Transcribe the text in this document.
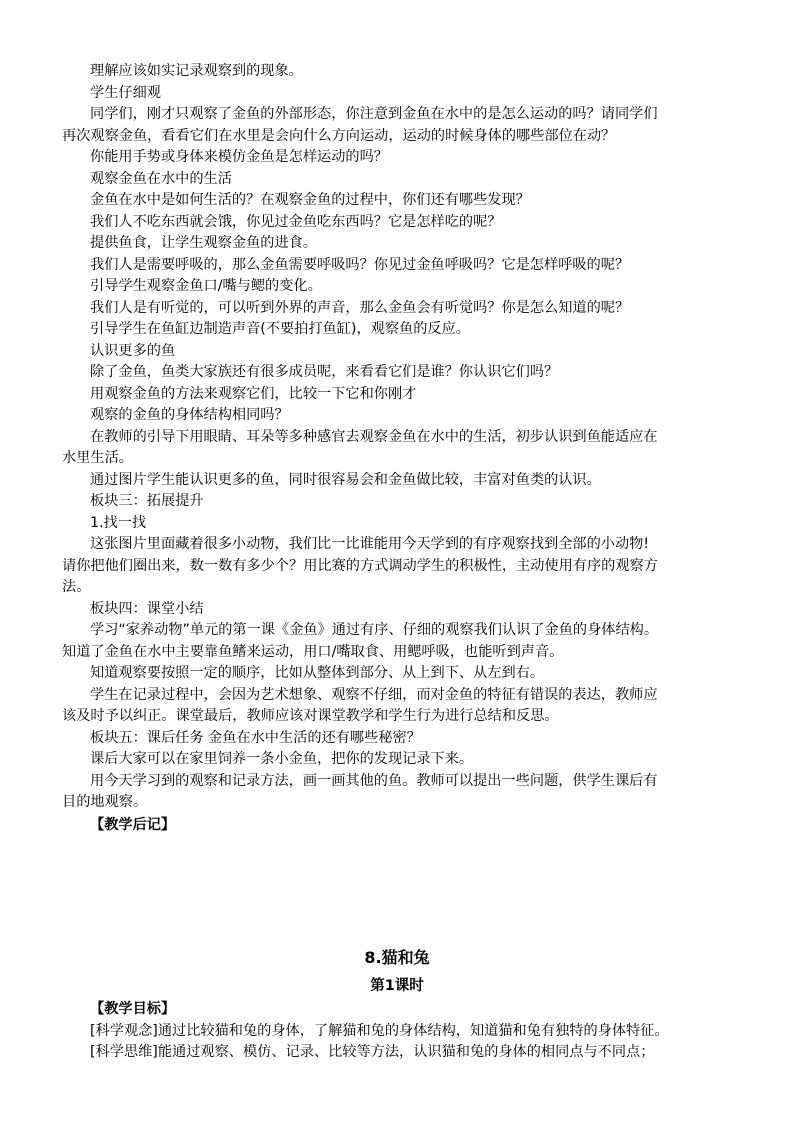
理解应该如实记录观察到的现象。
学生仔细观
同学们，刚才只观察了金鱼的外部形态，你注意到金鱼在水中的是怎么运动的吗？请同学们
再次观察金鱼，看看它们在水里是会向什么方向运动，运动的时候身体的哪些部位在动？
你能用手势或身体来模仿金鱼是怎样运动的吗？
观察金鱼在水中的生活
金鱼在水中是如何生活的？在观察金鱼的过程中，你们还有哪些发现？
我们人不吃东西就会饿，你见过金鱼吃东西吗？它是怎样吃的呢？
提供鱼食，让学生观察金鱼的进食。
我们人是需要呼吸的，那么金鱼需要呼吸吗？你见过金鱼呼吸吗？它是怎样呼吸的呢？
引导学生观察金鱼口/嘴与鳃的变化。
我们人是有听觉的，可以听到外界的声音，那么金鱼会有听觉吗？你是怎么知道的呢？
引导学生在鱼缸边制造声音(不要拍打鱼缸)，观察鱼的反应。
认识更多的鱼
除了金鱼，鱼类大家族还有很多成员呢，来看看它们是谁？你认识它们吗？
用观察金鱼的方法来观察它们，比较一下它和你刚才
观察的金鱼的身体结构相同吗？
在教师的引导下用眼睛、耳朵等多种感官去观察金鱼在水中的生活，初步认识到鱼能适应在
水里生活。
通过图片学生能认识更多的鱼，同时很容易会和金鱼做比较，丰富对鱼类的认识。
板块三：拓展提升
1.找一找
这张图片里面藏着很多小动物，我们比一比谁能用今天学到的有序观察找到全部的小动物!
请你把他们圈出来，数一数有多少个？用比赛的方式调动学生的积极性，主动使用有序的观察方
法。
板块四：课堂小结
学习“家养动物”单元的第一课《金鱼》通过有序、仔细的观察我们认识了金鱼的身体结构。
知道了金鱼在水中主要靠鱼鳍来运动，用口/嘴取食、用鳃呼吸，也能听到声音。
知道观察要按照一定的顺序，比如从整体到部分、从上到下、从左到右。
学生在记录过程中，会因为艺术想象、观察不仔细，而对金鱼的特征有错误的表达，教师应
该及时予以纠正。课堂最后，教师应该对课堂教学和学生行为进行总结和反思。
板块五：课后任务 金鱼在水中生活的还有哪些秘密？
课后大家可以在家里饲养一条小金鱼，把你的发现记录下来。
用今天学习到的观察和记录方法，画一画其他的鱼。教师可以提出一些问题，供学生课后有
目的地观察。
【教学后记】
8.猫和兔
第1课时
【教学目标】
[科学观念]通过比较猫和兔的身体，了解猫和兔的身体结构，知道猫和兔有独特的身体特征。
[科学思维]能通过观察、模仿、记录、比较等方法，认识猫和兔的身体的相同点与不同点；
